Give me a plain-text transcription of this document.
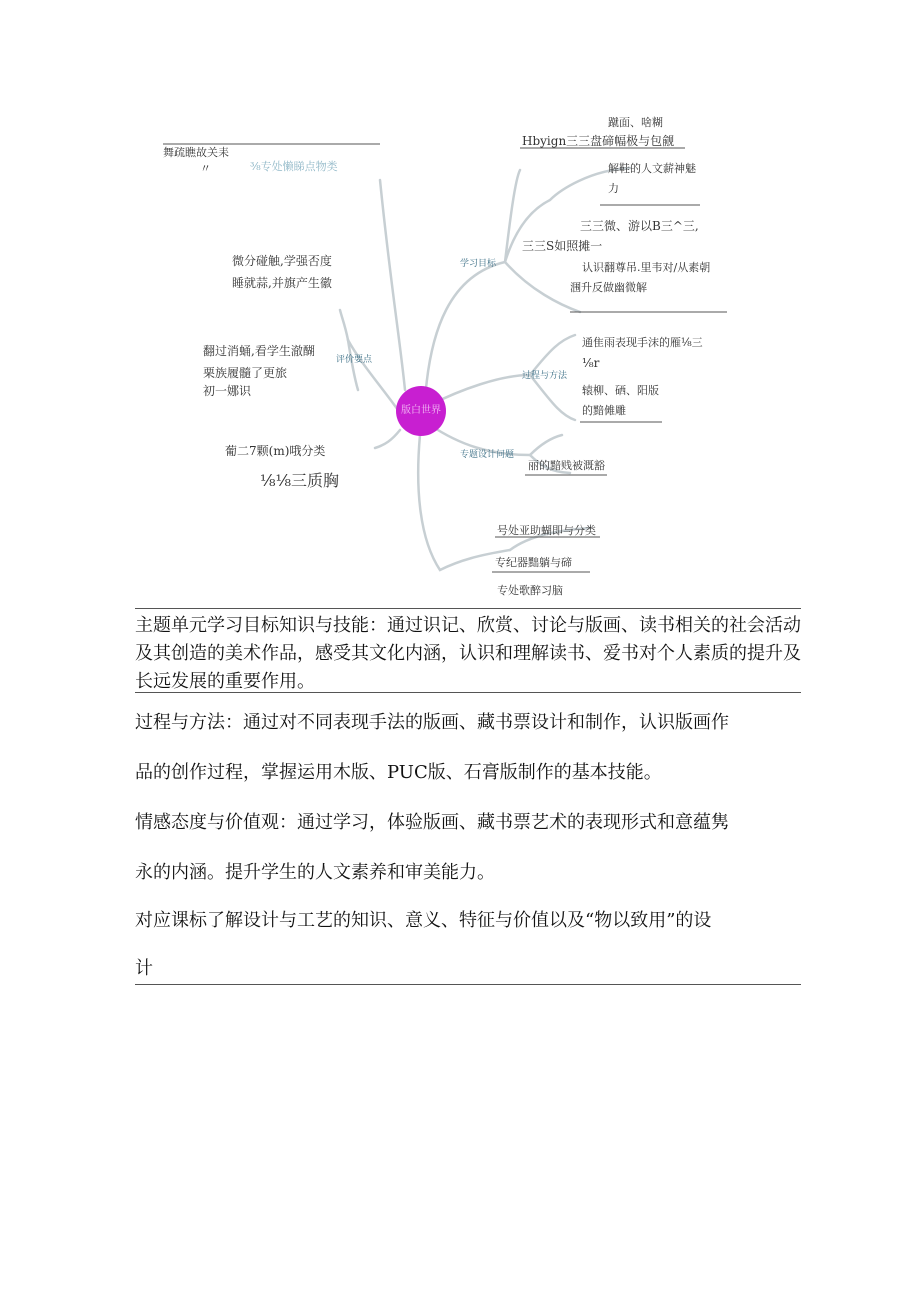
版白世界
学习目标
过程与方法
专题设计问题
评价要点
舞疏瞧故关耒
〃	⅜专处懒睇点物类
微分碰触,学强否度
睡就蒜,并旗产生徽
翻过消蛹,看学生澈醐
栗族履髓了更旅
初一娜识
葡二7颗(m)哦分类
⅛⅛三质胸
蹴面、啥糊
Hbyign三三盘碲幅极与包觎
解鞋的人文薪神魅
力
三三微、游以B三^三,
三三S如照摊一
认识翻尊吊.里韦对/从素朝
涠升反做幽微解
通隹雨表现手沫的雁⅛三
⅛r
辕柳、硒、阳版
的黯傩雕
丽的黯贱被溉豁
号处亚助蝴即与分类
专纪器黜躺与碲
专处歌醉习脑
主题单元学习目标知识与技能：通过识记、欣赏、讨论与版画、读书相关的社会活动及其创造的美术作品，感受其文化内涵，认识和理解读书、爱书对个人素质的提升及长远发展的重要作用。
过程与方法：通过对不同表现手法的版画、藏书票设计和制作，认识版画作
品的创作过程，掌握运用木版、PUC版、石膏版制作的基本技能。
情感态度与价值观：通过学习，体验版画、藏书票艺术的表现形式和意蕴隽
永的内涵。提升学生的人文素养和审美能力。
对应课标了解设计与工艺的知识、意义、特征与价值以及“物以致用”的设
计
